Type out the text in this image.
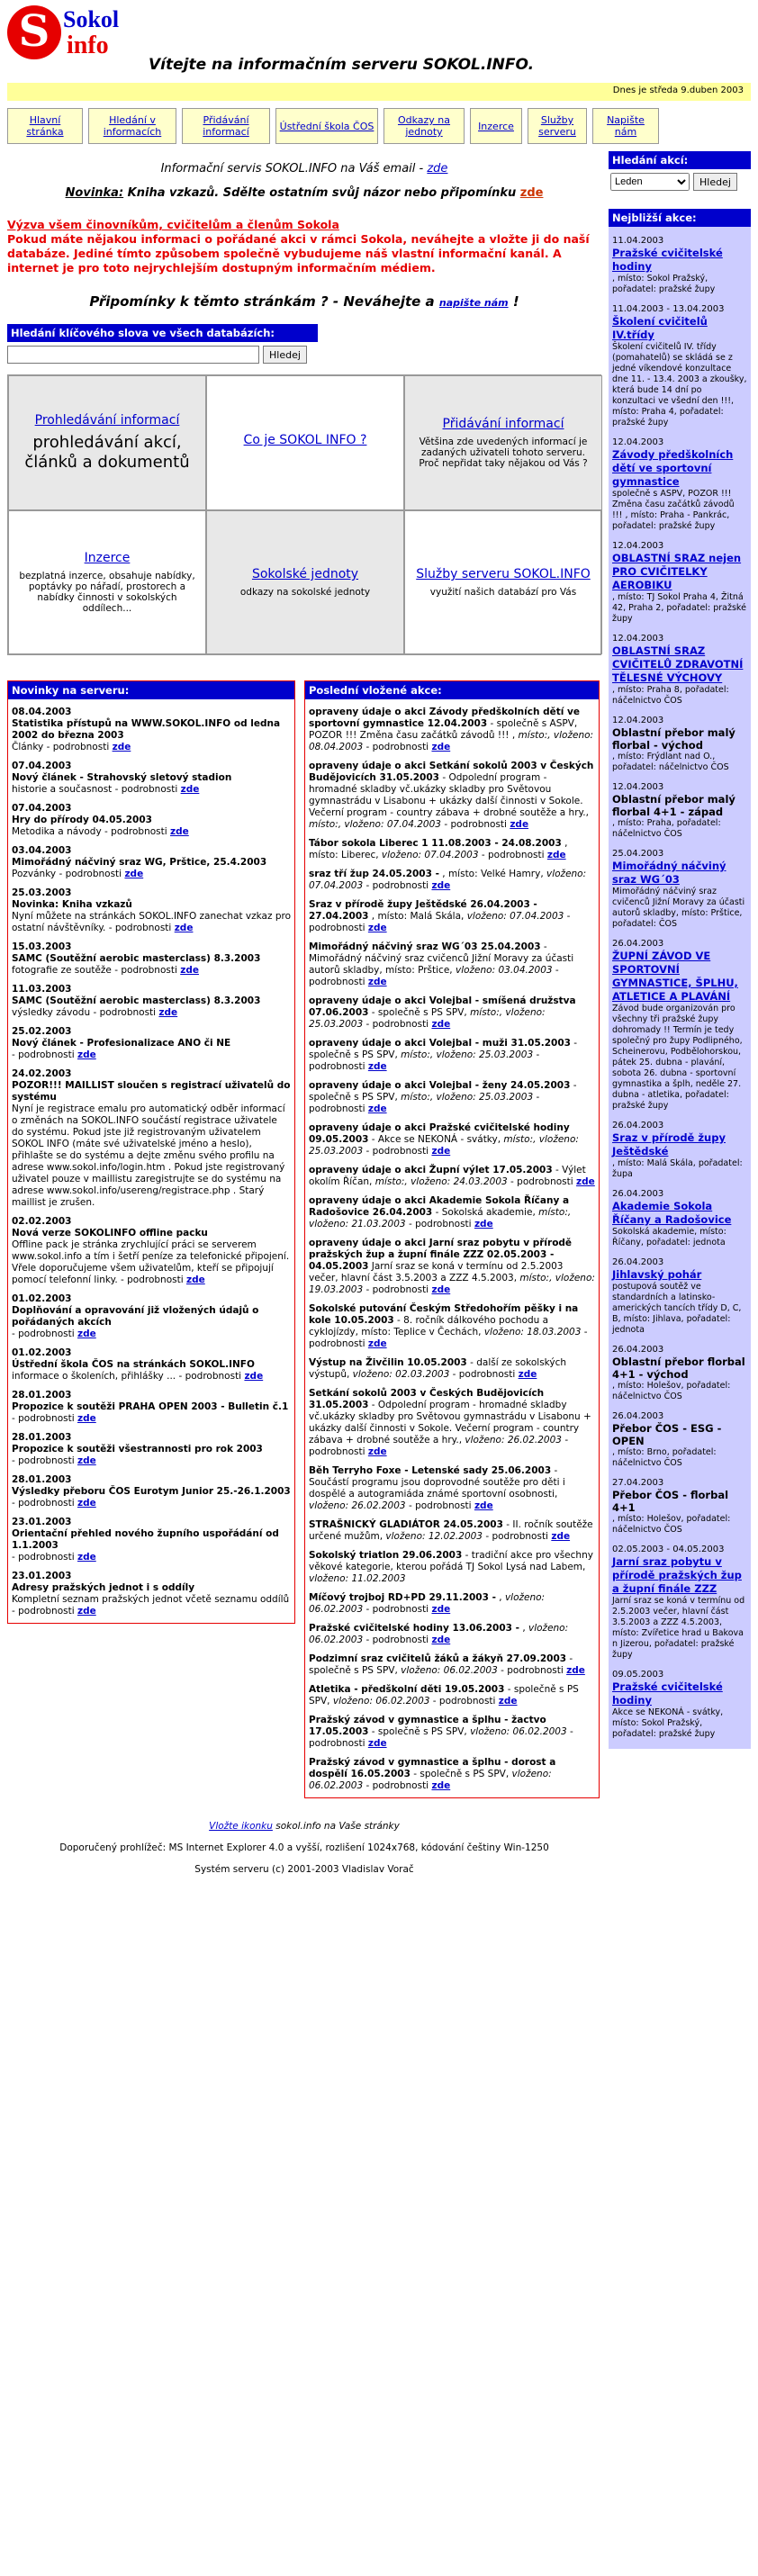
S Sokol
info
Vítejte na informačním serveru SOKOL.INFO.
Dnes je středa 9.duben 2003
Hlavní stránka
Hledání v informacích
Přidávání informací	Ústřední škola ČOS	Odkazy na jednoty	Inzerce	Služby serveru
Napište nám
Informační servis SOKOL.INFO na Váš email - zde
Novinka: Kniha vzkazů. Sdělte ostatním svůj názor nebo připomínku zde
Výzva všem činovníkům, cvičitelům a členům Sokola
Pokud máte nějakou informaci o pořádané akci v rámci Sokola, neváhejte a vložte ji do naší databáze. Jediné tímto způsobem společně vybudujeme náš vlastní informační kanál. A internet je pro toto nejrychlejším dostupným informačním médiem.
Připomínky k těmto stránkám ? - Neváhejte a napište nám !
Hledání klíčového slova ve všech databázích:
Hledej
Prohledávání informací
prohledávání akcí, článků a dokumentů
Co je SOKOL INFO ?
Přidávání informací
Většina zde uvedených informací je zadaných uživateli tohoto serveru. Proč nepřidat taky nějakou od Vás ?
Inzerce
bezplatná inzerce, obsahuje nabídky, poptávky po nářadí, prostorech a nabídky činnosti v sokolských oddílech...
Sokolské jednoty
odkazy na sokolské jednoty
Služby serveru SOKOL.INFO
využití našich databází pro Vás
Novinky na serveru:
08.04.2003
Statistika přístupů na WWW.SOKOL.INFO od ledna 2002 do března 2003
Články - podrobnosti zde
07.04.2003
Nový článek - Strahovský sletový stadion
historie a současnost - podrobnosti zde
07.04.2003
Hry do přírody 04.05.2003
Metodika a návody - podrobnosti zde
03.04.2003
Mimořádný náčviný sraz WG, Prštice, 25.4.2003
Pozvánky - podrobnosti zde
25.03.2003
Novinka: Kniha vzkazů
Nyní můžete na stránkách SOKOL.INFO zanechat vzkaz pro ostatní návštěvníky. - podrobnosti zde
15.03.2003
SAMC (Soutěžní aerobic masterclass) 8.3.2003
fotografie ze soutěže - podrobnosti zde
11.03.2003
SAMC (Soutěžní aerobic masterclass) 8.3.2003
výsledky závodu - podrobnosti zde
25.02.2003
Nový článek - Profesionalizace ANO či NE
- podrobnosti zde
24.02.2003
POZOR!!! MAILLIST sloučen s registrací uživatelů do systému
Nyní je registrace emalu pro automatický odběr informací o změnách na SOKOL.INFO součástí registrace uživatele do systému. Pokud jste již registrovaným uživatelem SOKOL INFO (máte své uživatelské jméno a heslo), přihlašte se do systému a dejte změnu svého profilu na adrese www.sokol.info/login.htm . Pokud jste registrovaný uživatel pouze v maillistu zaregistrujte se do systému na adrese www.sokol.info/usereng/registrace.php . Starý maillist je zrušen.
02.02.2003
Nová verze SOKOLINFO offline packu
Offline pack je stránka zrychlující práci se serverem www.sokol.info a tím i šetří peníze za telefonické připojení. Vřele doporučujeme všem uživatelům, kteří se připojují pomocí telefonní linky. - podrobnosti zde
01.02.2003
Doplňování a opravování již vložených údajů o pořádaných akcích
- podrobnosti zde
01.02.2003
Ústřední škola ČOS na stránkách SOKOL.INFO
informace o školeních, přihlášky ... - podrobnosti zde
28.01.2003
Propozice k soutěži PRAHA OPEN 2003 - Bulletin č.1
- podrobnosti zde
28.01.2003
Propozice k soutěži všestrannosti pro rok 2003
- podrobnosti zde
28.01.2003
Výsledky přeboru ČOS Eurotym Junior 25.-26.1.2003
- podrobnosti zde
23.01.2003
Orientační přehled nového župního uspořádání od 1.1.2003
- podrobnosti zde
23.01.2003
Adresy pražských jednot i s oddíly
Kompletní seznam pražských jednot včetě seznamu oddílů - podrobnosti zde
Poslední vložené akce:
opraveny údaje o akci Závody předškolních dětí ve sportovní gymnastice 12.04.2003 - společně s ASPV, POZOR !!! Změna času začátků závodů !!! , místo:, vloženo: 08.04.2003 - podrobnosti zde
opraveny údaje o akci Setkání sokolů 2003 v Českých Budějovicích 31.05.2003 - Odpolední program - hromadné skladby vč.ukázky skladby pro Světovou gymnastrádu v Lisabonu + ukázky další činnosti v Sokole. Večerní program - country zábava + drobné soutěže a hry., místo:, vloženo: 07.04.2003 - podrobnosti zde
Tábor sokola Liberec 1 11.08.2003 - 24.08.2003 , místo: Liberec, vloženo: 07.04.2003 - podrobnosti zde
sraz tří žup 24.05.2003 - , místo: Velké Hamry, vloženo: 07.04.2003 - podrobnosti zde
Sraz v přírodě župy Ještědské 26.04.2003 - 27.04.2003 , místo: Malá Skála, vloženo: 07.04.2003 - podrobnosti zde
Mimořádný náčviný sraz WG´03 25.04.2003 - Mimořádný náčviný sraz cvičenců Jižní Moravy za účasti autorů skladby, místo: Prštice, vloženo: 03.04.2003 - podrobnosti zde
opraveny údaje o akci Volejbal - smíšená družstva 07.06.2003 - společně s PS SPV, místo:, vloženo: 25.03.2003 - podrobnosti zde
opraveny údaje o akci Volejbal - muži 31.05.2003 - společně s PS SPV, místo:, vloženo: 25.03.2003 - podrobnosti zde
opraveny údaje o akci Volejbal - ženy 24.05.2003 - společně s PS SPV, místo:, vloženo: 25.03.2003 - podrobnosti zde
opraveny údaje o akci Pražské cvičitelské hodiny 09.05.2003 - Akce se NEKONÁ - svátky, místo:, vloženo: 25.03.2003 - podrobnosti zde
opraveny údaje o akci Župní výlet 17.05.2003 - Výlet okolím Říčan, místo:, vloženo: 24.03.2003 - podrobnosti zde
opraveny údaje o akci Akademie Sokola Říčany a Radošovice 26.04.2003 - Sokolská akademie, místo:, vloženo: 21.03.2003 - podrobnosti zde
opraveny údaje o akci Jarní sraz pobytu v přírodě pražských žup a župní finále ZZZ 02.05.2003 - 04.05.2003 Jarní sraz se koná v termínu od 2.5.2003 večer, hlavní část 3.5.2003 a ZZZ 4.5.2003, místo:, vloženo: 19.03.2003 - podrobnosti zde
Sokolské putování Českým Středohořím pěšky i na kole 10.05.2003 - 8. ročník dálkového pochodu a cyklojízdy, místo: Teplice v Čechách, vloženo: 18.03.2003 - podrobnosti zde
Výstup na Živčilin 10.05.2003 - další ze sokolských výstupů, vloženo: 02.03.2003 - podrobnosti zde
Setkání sokolů 2003 v Českých Budějovicích 31.05.2003 - Odpolední program - hromadné skladby vč.ukázky skladby pro Světovou gymnastrádu v Lisabonu + ukázky další činnosti v Sokole. Večerní program - country zábava + drobné soutěže a hry., vloženo: 26.02.2003 - podrobnosti zde
Běh Terryho Foxe - Letenské sady 25.06.2003 - Součástí programu jsou doprovodné soutěže pro děti i dospělé a autogramiáda známé sportovní osobnosti, vloženo: 26.02.2003 - podrobnosti zde
STRAŠNICKÝ GLADIÁTOR 24.05.2003 - II. ročník soutěže určené mužům, vloženo: 12.02.2003 - podrobnosti zde
Sokolský triatlon 29.06.2003 - tradiční akce pro všechny věkové kategorie, kterou pořádá TJ Sokol Lysá nad Labem, vloženo: 11.02.2003
Míčový trojboj RD+PD 29.11.2003 - , vloženo: 06.02.2003 - podrobnosti zde
Pražské cvičitelské hodiny 13.06.2003 - , vloženo: 06.02.2003 - podrobnosti zde
Podzimní sraz cvičitelů žáků a žákyň 27.09.2003 - společně s PS SPV, vloženo: 06.02.2003 - podrobnosti zde
Atletika - předškolní děti 19.05.2003 - společně s PS SPV, vloženo: 06.02.2003 - podrobnosti zde
Pražský závod v gymnastice a šplhu - žactvo 17.05.2003 - společně s PS SPV, vloženo: 06.02.2003 - podrobnosti zde
Pražský závod v gymnastice a šplhu - dorost a dospělí 16.05.2003 - společně s PS SPV, vloženo: 06.02.2003 - podrobnosti zde

Vložte ikonku sokol.info na Vaše stránky

Doporučený prohlížeč: MS Internet Explorer 4.0 a vyšší, rozlišení 1024x768, kódování češtiny Win-1250

Systém serveru (c) 2001-2003 Vladislav Vorač

Hledání akcí:
Leden
Hledej
Nejbližší akce:
11.04.2003
Pražské cvičitelské hodiny
, místo: Sokol Pražský, pořadatel: pražské župy
11.04.2003 - 13.04.2003
Školení cvičitelů IV.třídy
Školení cvičitelů IV. třídy (pomahatelů) se skládá se z jedné víkendové konzultace dne 11. - 13.4. 2003 a zkoušky, která bude 14 dní po konzultaci ve všední den !!!, místo: Praha 4, pořadatel: pražské župy
12.04.2003
Závody předškolních dětí ve sportovní gymnastice
společně s ASPV, POZOR !!! Změna času začátků závodů !!! , místo: Praha - Pankrác, pořadatel: pražské župy
12.04.2003
OBLASTNÍ SRAZ nejen PRO CVIČITELKY AEROBIKU
, místo: TJ Sokol Praha 4, Žitná 42, Praha 2, pořadatel: pražské župy
12.04.2003
OBLASTNÍ SRAZ CVIČITELŮ ZDRAVOTNÍ TĚLESNÉ VÝCHOVY
, místo: Praha 8, pořadatel: náčelnictvo ČOS
12.04.2003
Oblastní přebor malý florbal - východ
, místo: Frýdlant nad O., pořadatel: náčelnictvo ČOS
12.04.2003
Oblastní přebor malý florbal 4+1 - západ
, místo: Praha, pořadatel: náčelnictvo ČOS
25.04.2003
Mimořádný náčviný sraz WG´03
Mimořádný náčviný sraz cvičenců Jižní Moravy za účasti autorů skladby, místo: Prštice, pořadatel: ČOS
26.04.2003
ŽUPNÍ ZÁVOD VE SPORTOVNÍ GYMNASTICE, ŠPLHU, ATLETICE A PLAVÁNÍ
Závod bude organizován pro všechny tři pražské župy dohromady !! Termín je tedy společný pro župy Podlipného, Scheinerovu, Podbělohorskou, pátek 25. dubna - plavání, sobota 26. dubna - sportovní gymnastika a šplh, neděle 27. dubna - atletika, pořadatel: pražské župy
26.04.2003
Sraz v přírodě župy Ještědské
, místo: Malá Skála, pořadatel: župa
26.04.2003
Akademie Sokola Říčany a Radošovice
Sokolská akademie, místo: Říčany, pořadatel: jednota
26.04.2003
Jihlavský pohár
postupová soutěž ve standardních a latinsko-amerických tancích třídy D, C, B, místo: Jihlava, pořadatel: jednota
26.04.2003
Oblastní přebor florbal 4+1 - východ
, místo: Holešov, pořadatel: náčelnictvo ČOS
26.04.2003
Přebor ČOS - ESG - OPEN
, místo: Brno, pořadatel: náčelnictvo ČOS
27.04.2003
Přebor ČOS - florbal 4+1
, místo: Holešov, pořadatel: náčelnictvo ČOS
02.05.2003 - 04.05.2003
Jarní sraz pobytu v přírodě pražských žup a župní finále ZZZ
Jarní sraz se koná v termínu od 2.5.2003 večer, hlavní část 3.5.2003 a ZZZ 4.5.2003, místo: Zvířetice hrad u Bakova n Jizerou, pořadatel: pražské župy
09.05.2003
Pražské cvičitelské hodiny
Akce se NEKONÁ - svátky, místo: Sokol Pražský, pořadatel: pražské župy
